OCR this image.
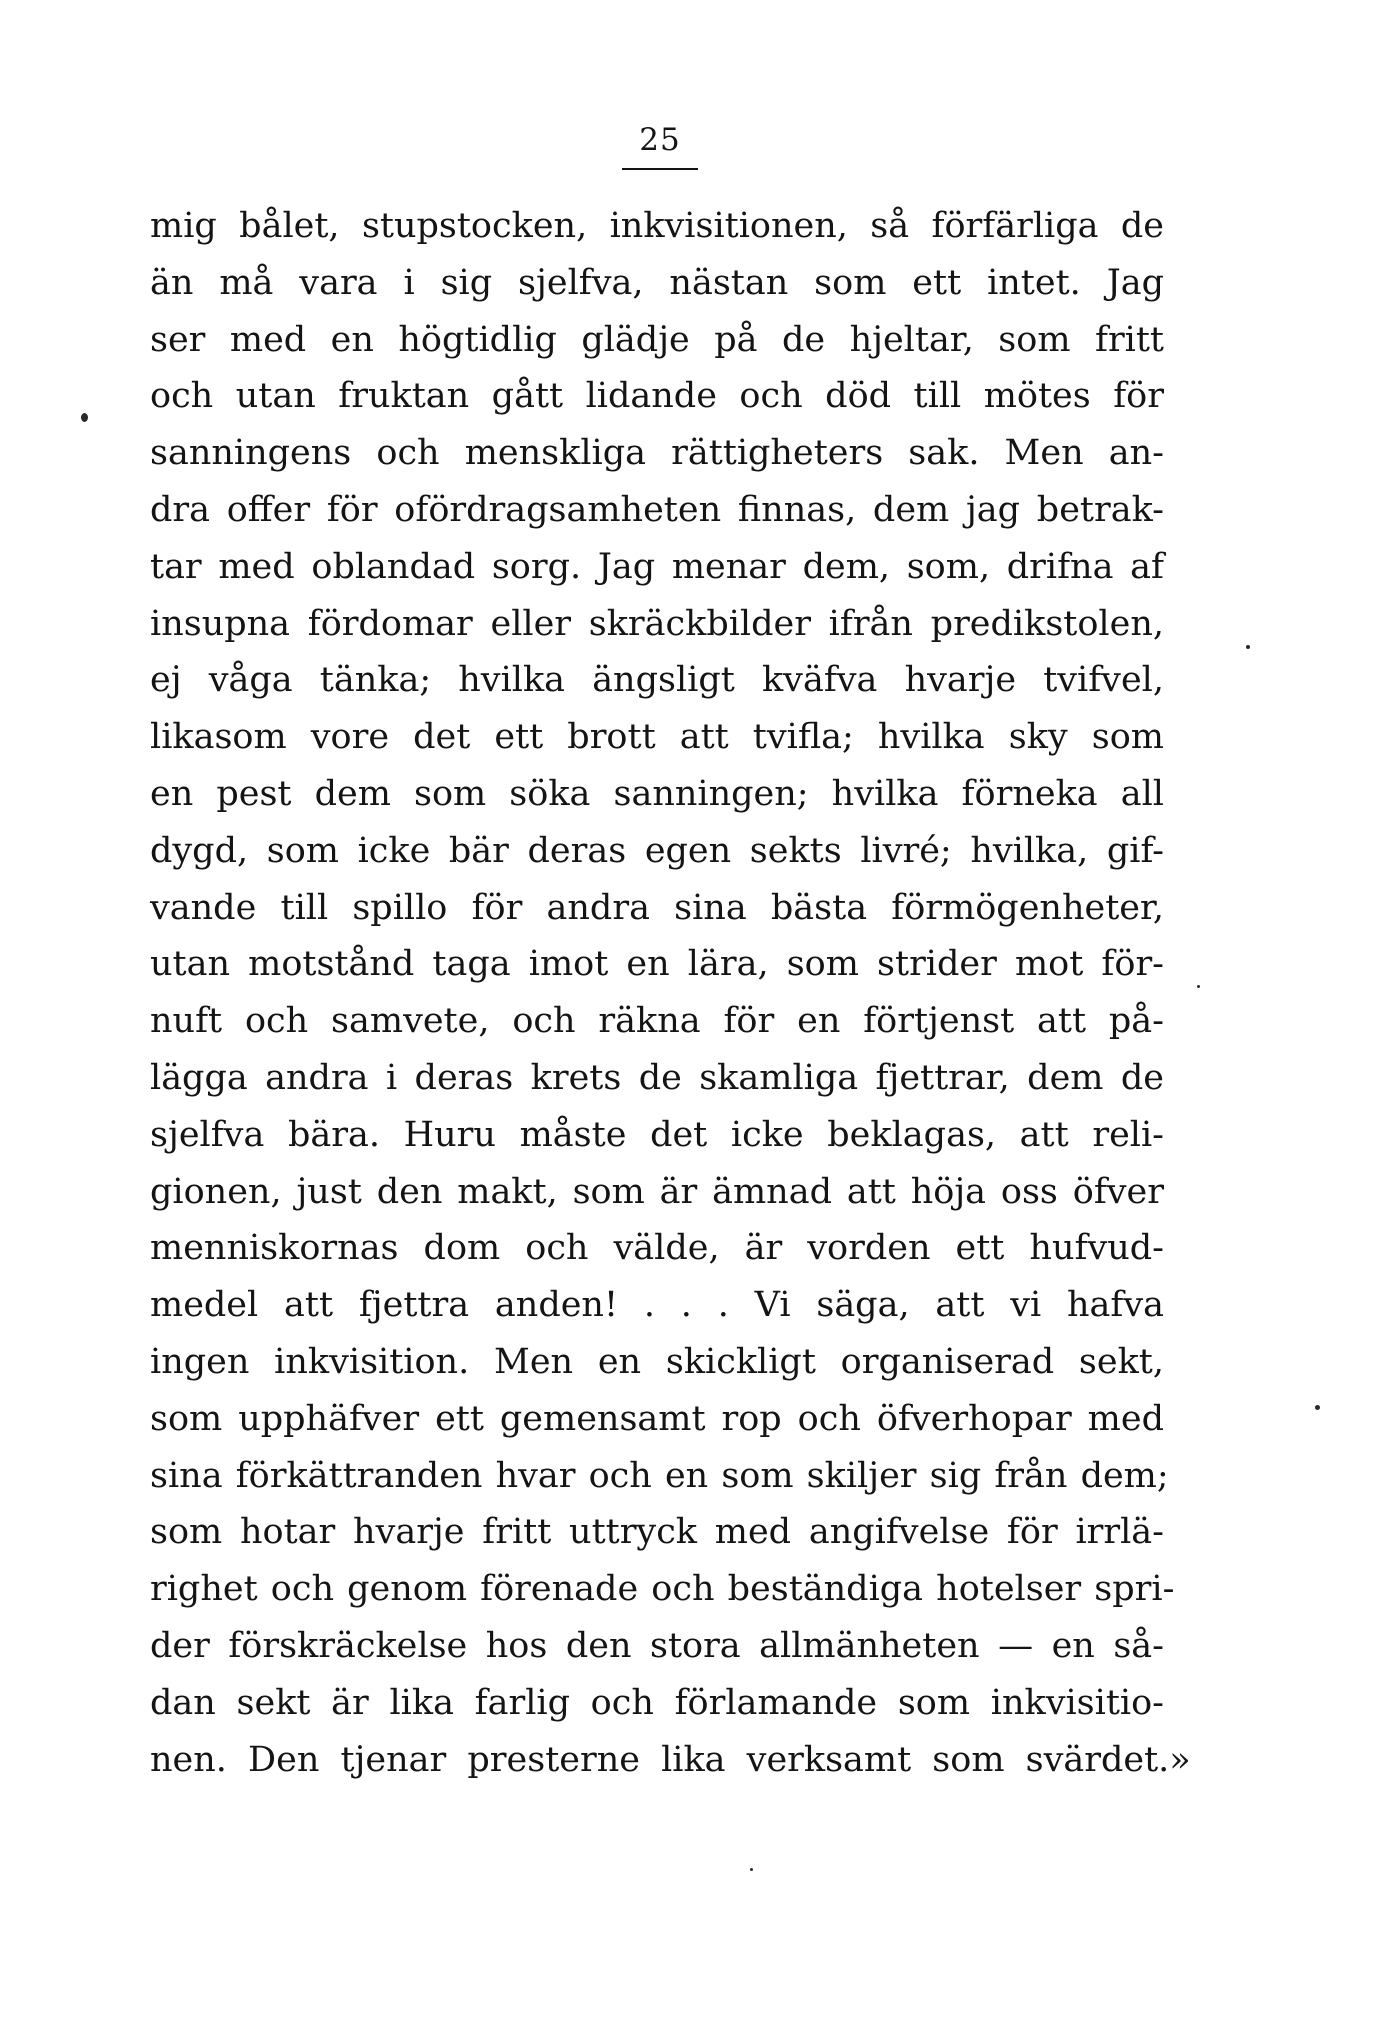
25
mig bålet, stupstocken, inkvisitionen, så förfärliga de
än må vara i sig sjelfva, nästan som ett intet. Jag
ser med en högtidlig glädje på de hjeltar, som fritt
och utan fruktan gått lidande och död till mötes för
sanningens och menskliga rättigheters sak. Men an-
dra offer för ofördragsamheten finnas, dem jag betrak-
tar med oblandad sorg. Jag menar dem, som, drifna af
insupna fördomar eller skräckbilder ifrån predikstolen,
ej våga tänka; hvilka ängsligt kväfva hvarje tvifvel,
likasom vore det ett brott att tvifla; hvilka sky som
en pest dem som söka sanningen; hvilka förneka all
dygd, som icke bär deras egen sekts livré; hvilka, gif-
vande till spillo för andra sina bästa förmögenheter,
utan motstånd taga imot en lära, som strider mot för-
nuft och samvete, och räkna för en förtjenst att på-
lägga andra i deras krets de skamliga fjettrar, dem de
sjelfva bära. Huru måste det icke beklagas, att reli-
gionen, just den makt, som är ämnad att höja oss öfver
menniskornas dom och välde, är vorden ett hufvud-
medel att fjettra anden! . . . Vi säga, att vi hafva
ingen inkvisition. Men en skickligt organiserad sekt,
som upphäfver ett gemensamt rop och öfverhopar med
sina förkättranden hvar och en som skiljer sig från dem;
som hotar hvarje fritt uttryck med angifvelse för irrlä-
righet och genom förenade och beständiga hotelser spri-
der förskräckelse hos den stora allmänheten — en så-
dan sekt är lika farlig och förlamande som inkvisitio-
nen. Den tjenar presterne lika verksamt som svärdet.»
